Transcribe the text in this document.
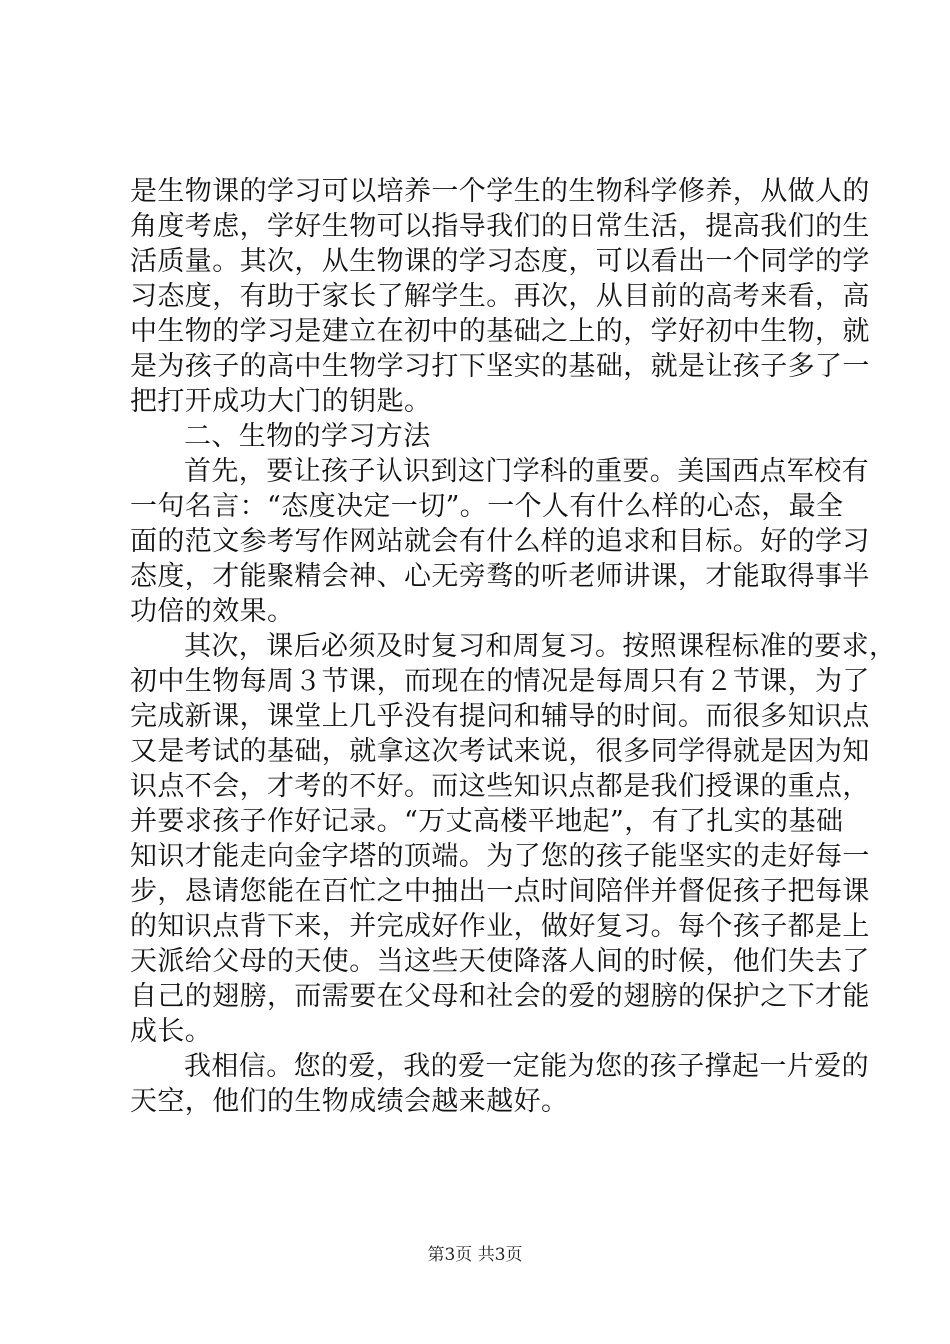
是生物课的学习可以培养一个学生的生物科学修养，从做人的
角度考虑，学好生物可以指导我们的日常生活，提高我们的生
活质量。其次，从生物课的学习态度，可以看出一个同学的学
习态度，有助于家长了解学生。再次，从目前的高考来看，高
中生物的学习是建立在初中的基础之上的，学好初中生物，就
是为孩子的高中生物学习打下坚实的基础，就是让孩子多了一
把打开成功大门的钥匙。
二、生物的学习方法
首先，要让孩子认识到这门学科的重要。美国西点军校有
一句名言：“态度决定一切”。一个人有什么样的心态，最全
面的范文参考写作网站就会有什么样的追求和目标。好的学习
态度，才能聚精会神、心无旁骛的听老师讲课，才能取得事半
功倍的效果。
其次，课后必须及时复习和周复习。按照课程标准的要求，
初中生物每周３节课，而现在的情况是每周只有２节课，为了
完成新课，课堂上几乎没有提问和辅导的时间。而很多知识点
又是考试的基础，就拿这次考试来说，很多同学得就是因为知
识点不会，才考的不好。而这些知识点都是我们授课的重点，
并要求孩子作好记录。“万丈高楼平地起”，有了扎实的基础
知识才能走向金字塔的顶端。为了您的孩子能坚实的走好每一
步，恳请您能在百忙之中抽出一点时间陪伴并督促孩子把每课
的知识点背下来，并完成好作业，做好复习。每个孩子都是上
天派给父母的天使。当这些天使降落人间的时候，他们失去了
自己的翅膀，而需要在父母和社会的爱的翅膀的保护之下才能
成长。
我相信。您的爱，我的爱一定能为您的孩子撑起一片爱的
天空，他们的生物成绩会越来越好。
第3页 共3页
